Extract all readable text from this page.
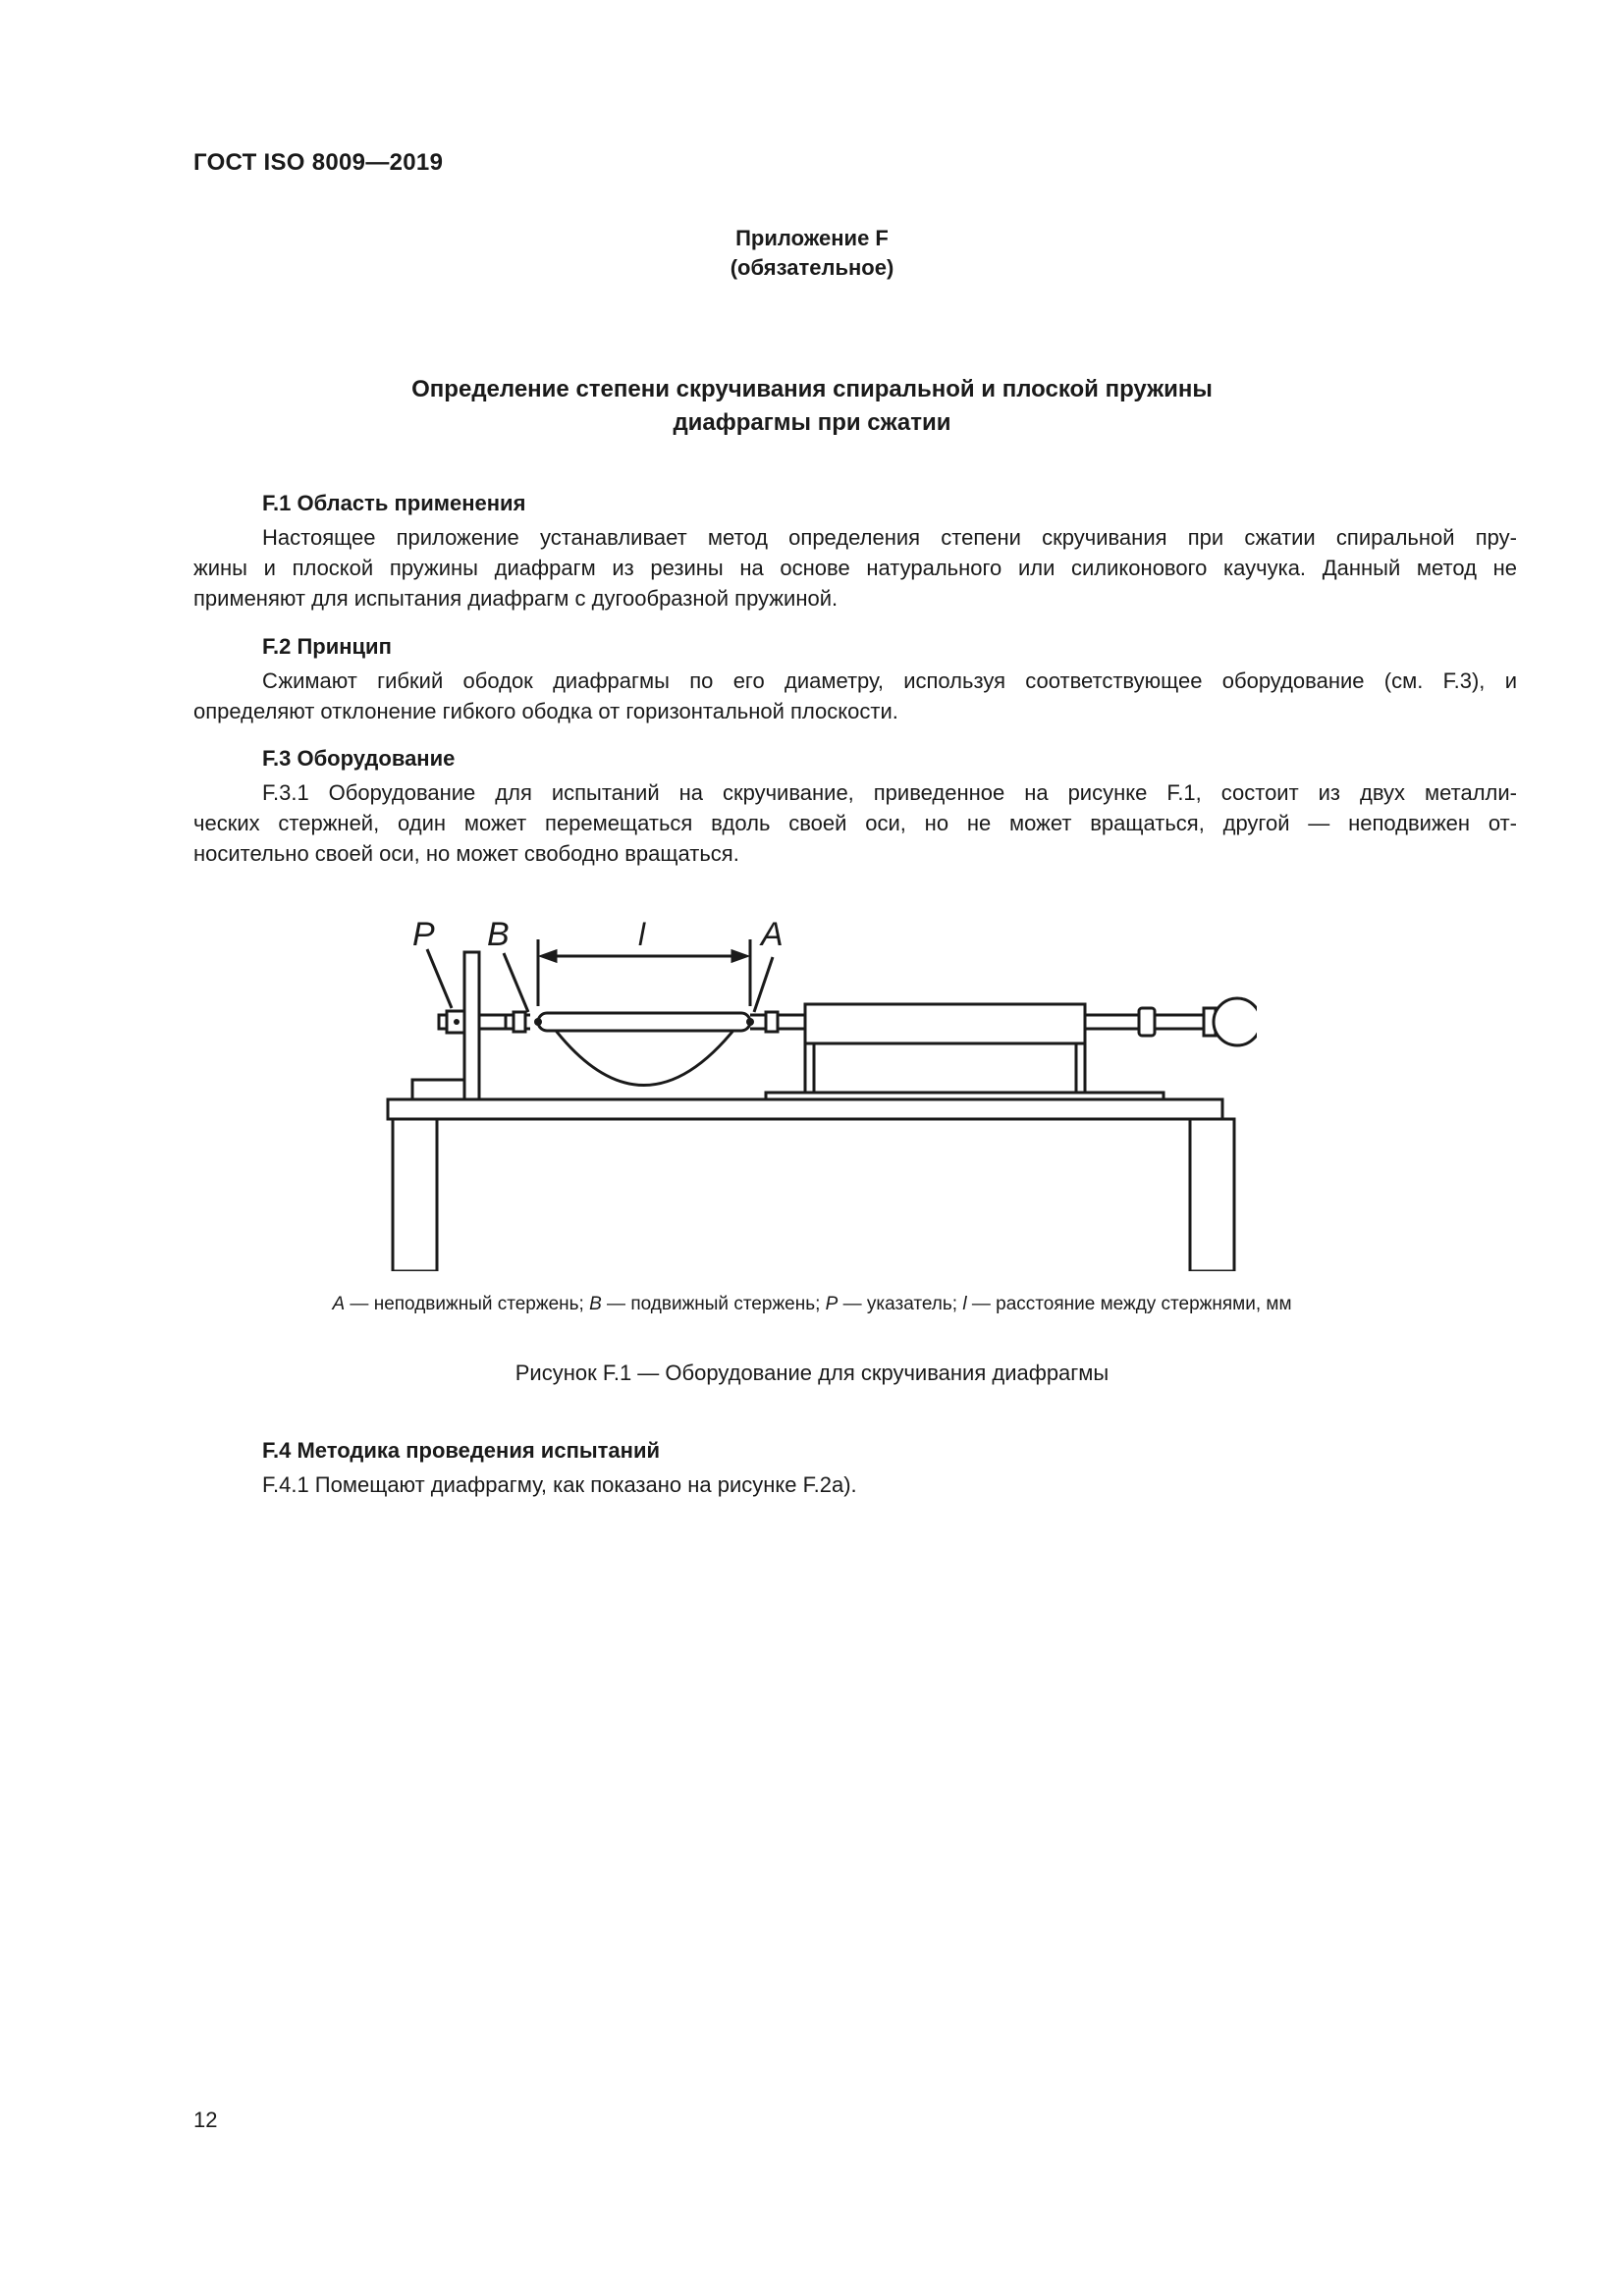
ГОСТ ISO 8009—2019
Приложение F
(обязательное)
Определение степени скручивания спиральной и плоской пружины
диафрагмы при сжатии
F.1 Область применения
Настоящее приложение устанавливает метод определения степени скручивания при сжатии спиральной пру-
жины и плоской пружины диафрагм из резины на основе натурального или силиконового каучука. Данный метод не
применяют для испытания диафрагм с дугообразной пружиной.
F.2 Принцип
Сжимают гибкий ободок диафрагмы по его диаметру, используя соответствующее оборудование (см. F.3), и
определяют отклонение гибкого ободка от горизонтальной плоскости.
F.3 Оборудование
F.3.1 Оборудование для испытаний на скручивание, приведенное на рисунке F.1, состоит из двух металли-
ческих стержней, один может перемещаться вдоль своей оси, но не может вращаться, другой — неподвижен от-
носительно своей оси, но может свободно вращаться.
P B	l	A
A — неподвижный стержень; B — подвижный стержень; P — указатель; l — расстояние между стержнями, мм
Рисунок F.1 — Оборудование для скручивания диафрагмы
F.4 Методика проведения испытаний
F.4.1 Помещают диафрагму, как показано на рисунке F.2а).
12
